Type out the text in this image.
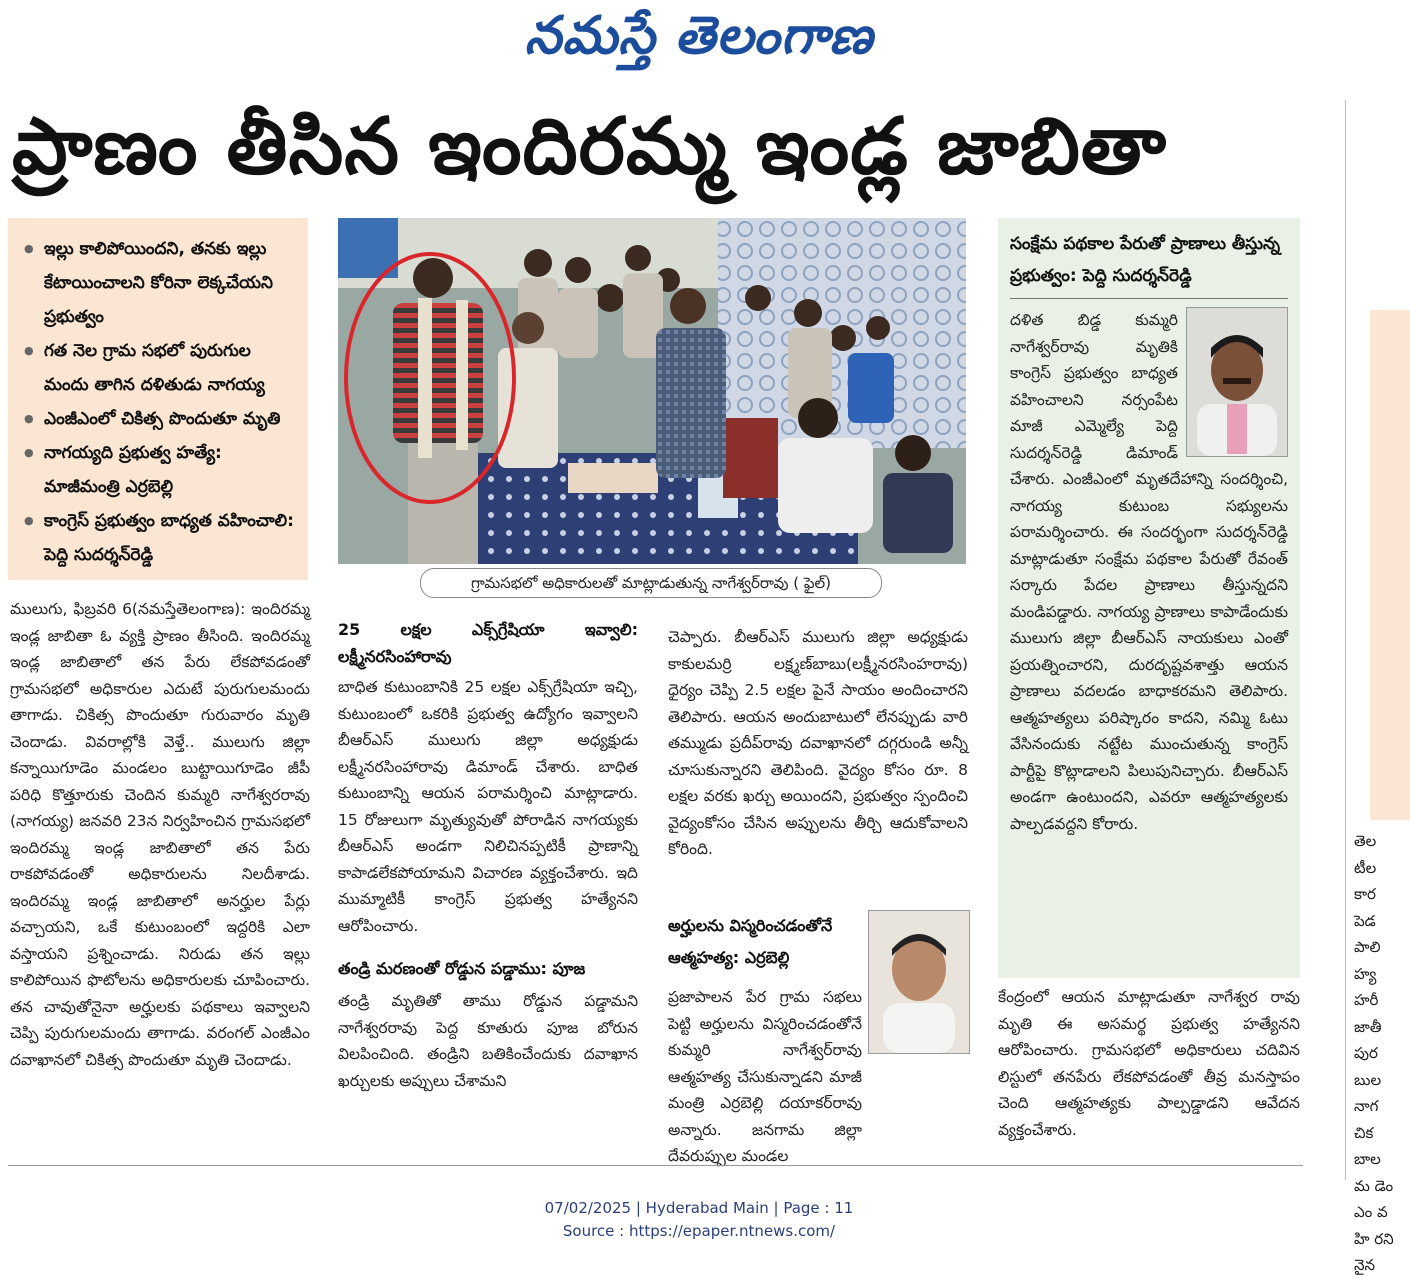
నమస్తే తెలంగాణ
ప్రాణం తీసిన ఇందిరమ్మ ఇండ్ల జాబితా
● ఇల్లు కాలిపోయిందని, తనకు ఇల్లు కేటాయించాలని కోరినా లెక్కచేయని ప్రభుత్వం
● గత నెల గ్రామ సభలో పురుగుల మందు తాగిన దళితుడు నాగయ్య
● ఎంజీఎంలో చికిత్స పొందుతూ మృతి
● నాగయ్యది ప్రభుత్వ హత్యే: మాజీమంత్రి ఎర్రబెల్లి
● కాంగ్రెస్ ప్రభుత్వం బాధ్యత వహించాలి: పెద్ది సుదర్శన్‌రెడ్డి
గ్రామసభలో అధికారులతో మాట్లాడుతున్న నాగేశ్వర్‌రావు ( ఫైల్)

ములుగు, ఫిబ్రవరి 6(నమస్తేతెలంగాణ): ఇందిరమ్మ ఇండ్ల జాబితా ఓ వ్యక్తి ప్రాణం తీసింది. ఇందిరమ్మ ఇండ్ల జాబితాలో తన పేరు లేకపోవడంతో గ్రామసభలో అధికారుల ఎదుటే పురుగులమందు తాగాడు. చికిత్స పొందుతూ గురువారం మృతి చెందాడు. వివరాల్లోకి వెళ్తే.. ములుగు జిల్లా కన్నాయిగూడెం మండలం బుట్టాయిగూడెం జీపీ పరిధి కొత్తూరుకు చెందిన కుమ్మరి నాగేశ్వరరావు (నాగయ్య) జనవరి 23న నిర్వహించిన గ్రామసభలో ఇందిరమ్మ ఇండ్ల జాబితాలో తన పేరు రాకపోవడంతో అధికారులను నిలదీశాడు. ఇందిరమ్మ ఇండ్ల జాబితాలో అనర్హుల పేర్లు వచ్చాయని, ఒకే కుటుంబంలో ఇద్దరికి ఎలా వస్తాయని ప్రశ్నించాడు. నిరుడు తన ఇల్లు కాలిపోయిన ఫొటోలను అధికారులకు చూపించారు. తన చావుతోనైనా అర్హులకు పథకాలు ఇవ్వాలని చెప్పి పురుగులమందు తాగాడు. వరంగల్ ఎంజీఎం దవాఖానలో చికిత్స పొందుతూ మృతి చెందాడు.

25 లక్షల ఎక్స్‌గ్రేషియా ఇవ్వాలి: లక్ష్మీనరసింహారావు

బాధిత కుటుంబానికి 25 లక్షల ఎక్స్‌గ్రేషియా ఇచ్చి, కుటుంబంలో ఒకరికి ప్రభుత్వ ఉద్యోగం ఇవ్వాలని బీఆర్‌ఎస్ ములుగు జిల్లా అధ్యక్షుడు లక్ష్మీనరసింహారావు డిమాండ్ చేశారు. బాధిత కుటుంబాన్ని ఆయన పరామర్శించి మాట్లాడారు. 15 రోజులుగా మృత్యువుతో పోరాడిన నాగయ్యకు బీఆర్‌ఎస్ అండగా నిలిచినప్పటికీ ప్రాణాన్ని కాపాడలేకపోయామని విచారణ వ్యక్తంచేశారు. ఇది ముమ్మాటికీ కాంగ్రెస్ ప్రభుత్వ హత్యేనని ఆరోపించారు.

తండ్రి మరణంతో రోడ్డున పడ్డాము: పూజ

తండ్రి మృతితో తాము రోడ్డున పడ్డామని నాగేశ్వరరావు పెద్ద కూతురు పూజ బోరున విలపించింది. తండ్రిని బతికించేందుకు దవాఖాన ఖర్చులకు అప్పులు చేశామని

చెప్పారు. బీఆర్‌ఎస్ ములుగు జిల్లా అధ్యక్షుడు కాకులమర్రి లక్ష్మణ్‌బాబు(లక్ష్మీనరసింహరావు) ధైర్యం చెప్పి 2.5 లక్షల పైనే సాయం అందించారని తెలిపారు. ఆయన అందుబాటులో లేనప్పుడు వారి తమ్ముడు ప్రదీప్‌రావు దవాఖానలో దగ్గరుండి అన్నీ చూసుకున్నారని తెలిపింది. వైద్యం కోసం రూ. 8 లక్షల వరకు ఖర్చు అయిందని, ప్రభుత్వం స్పందించి వైద్యంకోసం చేసిన అప్పులను తీర్చి ఆదుకోవాలని కోరింది.

అర్హులను విస్మరించడంతోనే ఆత్మహత్య: ఎర్రబెల్లి

ప్రజాపాలన పేర గ్రామ సభలు పెట్టి అర్హులను విస్మరించడంతోనే కుమ్మరి నాగేశ్వర్‌రావు ఆత్మహత్య చేసుకున్నాడని మాజీ మంత్రి ఎర్రబెల్లి దయాకర్‌రావు అన్నారు. జనగామ జిల్లా దేవరుప్పుల మండల

సంక్షేమ పథకాల పేరుతో ప్రాణాలు తీస్తున్న ప్రభుత్వం: పెద్ది సుదర్శన్‌రెడ్డి

దళిత బిడ్డ కుమ్మరి నాగేశ్వర్‌రావు మృతికి కాంగ్రెస్ ప్రభుత్వం బాధ్యత వహించాలని నర్సంపేట మాజీ ఎమ్మెల్యే పెద్ది సుదర్శన్‌రెడ్డి డిమాండ్ చేశారు. ఎంజీఎంలో మృతదేహాన్ని సందర్శించి, నాగయ్య కుటుంబ సభ్యులను పరామర్శించారు. ఈ సందర్భంగా సుదర్శన్‌రెడ్డి మాట్లాడుతూ సంక్షేమ పథకాల పేరుతో రేవంత్ సర్కారు పేదల ప్రాణాలు తీస్తున్నదని మండిపడ్డారు. నాగయ్య ప్రాణాలు కాపాడేందుకు ములుగు జిల్లా బీఆర్‌ఎస్ నాయకులు ఎంతో ప్రయత్నించారని, దురదృష్టవశాత్తు ఆయన ప్రాణాలు వదలడం బాధాకరమని తెలిపారు. ఆత్మహత్యలు పరిష్కారం కాదని, నమ్మి ఓటు వేసినందుకు నట్టేట ముంచుతున్న కాంగ్రెస్ పార్టీపై కొట్లాడాలని పిలుపునిచ్చారు. బీఆర్‌ఎస్ అండగా ఉంటుందని, ఎవరూ ఆత్మహత్యలకు పాల్పడవద్దని కోరారు.

కేంద్రంలో ఆయన మాట్లాడుతూ నాగేశ్వర రావు మృతి ఈ అసమర్థ ప్రభుత్వ హత్యేనని ఆరోపించారు. గ్రామసభలో అధికారులు చదివిన లిస్టులో తనపేరు లేకపోవడంతో తీవ్ర మనస్తాపం చెంది ఆత్మహత్యకు పాల్పడ్డాడని ఆవేదన వ్యక్తంచేశారు.

తెల టీల కార పెడ పాలి హ్య హరీ జాతీ పుర బుల నాగ చిక బాల మ డెం ఎం వహి రని నైన
07/02/2025 | Hyderabad Main | Page : 11
Source : https://epaper.ntnews.com/
